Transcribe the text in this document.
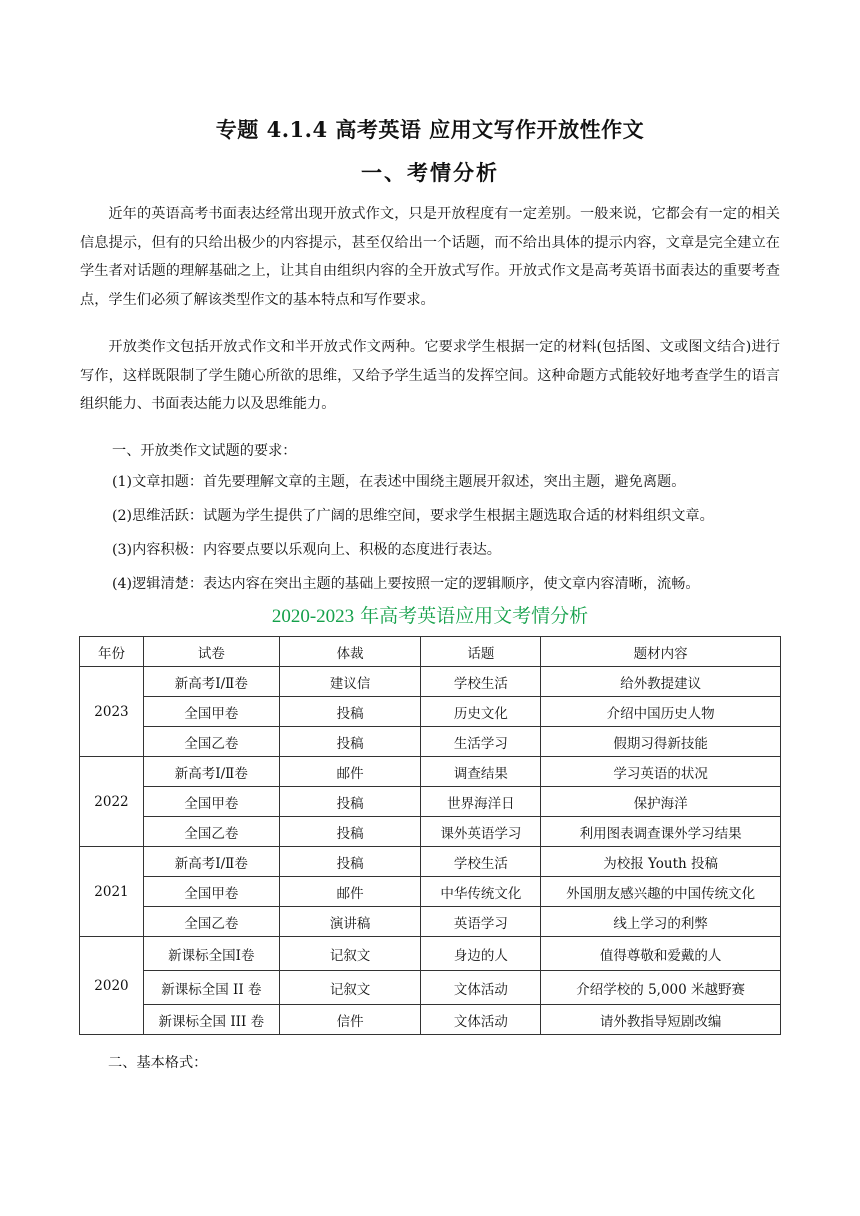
专题 4.1.4 高考英语 应用文写作开放性作文
一、考情分析

近年的英语高考书面表达经常出现开放式作文，只是开放程度有一定差别。一般来说，它都会有一定的相关信息提示，但有的只给出极少的内容提示，甚至仅给出一个话题，而不给出具体的提示内容，文章是完全建立在学生者对话题的理解基础之上，让其自由组织内容的全开放式写作。开放式作文是高考英语书面表达的重要考查点，学生们必须了解该类型作文的基本特点和写作要求。

开放类作文包括开放式作文和半开放式作文两种。它要求学生根据一定的材料(包括图、文或图文结合)进行写作，这样既限制了学生随心所欲的思维，又给予学生适当的发挥空间。这种命题方式能较好地考查学生的语言组织能力、书面表达能力以及思维能力。

一、开放类作文试题的要求：

(1)文章扣题：首先要理解文章的主题，在表述中围绕主题展开叙述，突出主题，避免离题。

(2)思维活跃：试题为学生提供了广阔的思维空间，要求学生根据主题选取合适的材料组织文章。

(3)内容积极：内容要点要以乐观向上、积极的态度进行表达。

(4)逻辑清楚：表达内容在突出主题的基础上要按照一定的逻辑顺序，使文章内容清晰，流畅。

2020-2023 年高考英语应用文考情分析
年份	试卷	体裁	话题	题材内容
2023	新高考Ⅰ/Ⅱ卷	建议信	学校生活	给外教提建议
	全国甲卷	投稿	历史文化	介绍中国历史人物
	全国乙卷	投稿	生活学习	假期习得新技能
2022	新高考Ⅰ/Ⅱ卷	邮件	调查结果	学习英语的状况
	全国甲卷	投稿	世界海洋日	保护海洋
	全国乙卷	投稿	课外英语学习	利用图表调查课外学习结果
2021	新高考Ⅰ/Ⅱ卷	投稿	学校生活	为校报 Youth 投稿
	全国甲卷	邮件	中华传统文化	外国朋友感兴趣的中国传统文化
	全国乙卷	演讲稿	英语学习	线上学习的利弊
2020	新课标全国Ⅰ卷	记叙文	身边的人	值得尊敬和爱戴的人
	新课标全国 II 卷	记叙文	文体活动	介绍学校的 5,000 米越野赛
	新课标全国 III 卷	信件	文体活动	请外教指导短剧改编
二、基本格式：
